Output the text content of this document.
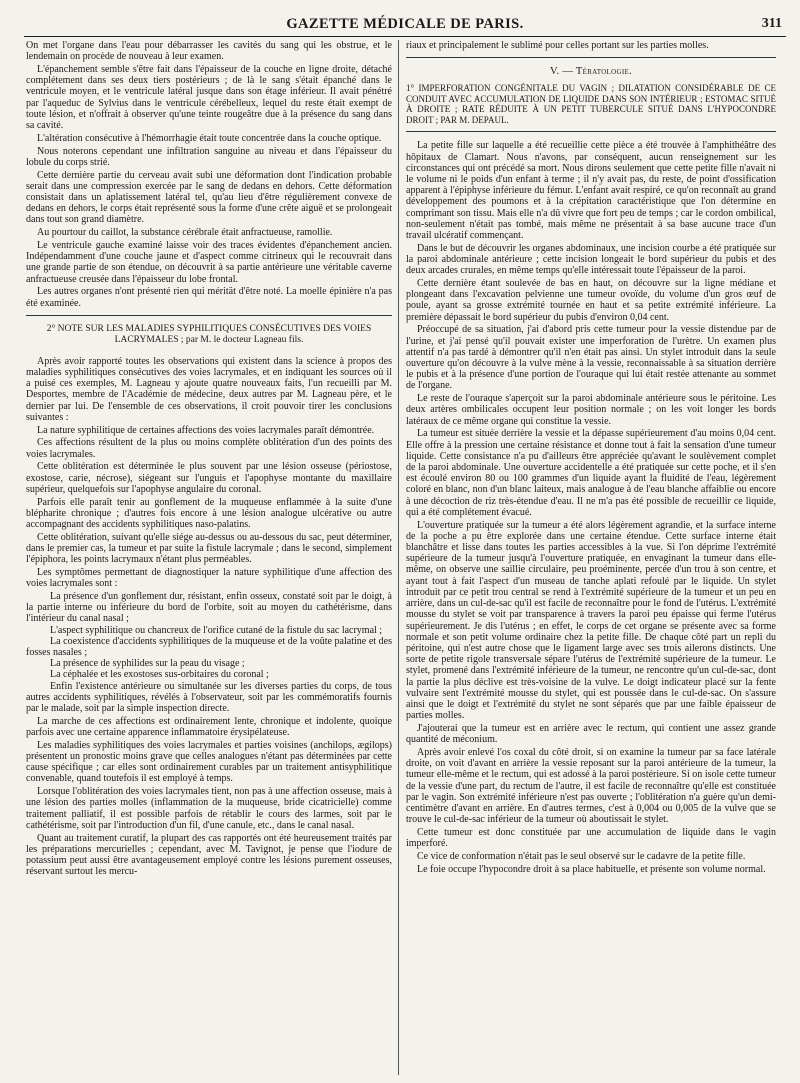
GAZETTE MÉDICALE DE PARIS.	311

On met l'organe dans l'eau pour débarrasser les cavités du sang qui les obstrue, et le lendemain on procède de nouveau à leur examen.

L'épanchement semble s'être fait dans l'épaisseur de la couche en ligne droite, détaché complétement dans ses deux tiers postérieurs ; de là le sang s'était épanché dans le ventricule moyen, et le ventricule latéral jusque dans son étage inférieur. Il avait pénétré par l'aqueduc de Sylvius dans le ventricule cérébelleux, lequel du reste était exempt de toute lésion, et n'offrait à observer qu'une teinte rougeâtre due à la présence du sang dans sa cavité.

L'altération consécutive à l'hémorrhagie était toute concentrée dans la couche optique.

Nous noterons cependant une infiltration sanguine au niveau et dans l'épaisseur du lobule du corps strié.

Cette dernière partie du cerveau avait subi une déformation dont l'indication probable serait dans une compression exercée par le sang de dedans en dehors. Cette déformation consistait dans un aplatissement latéral tel, qu'au lieu d'être régulièrement convexe de dedans en dehors, le corps était représenté sous la forme d'une crête aiguë et se prolongeait dans tout son grand diamètre.

Au pourtour du caillot, la substance cérébrale était anfractueuse, ramollie.

Le ventricule gauche examiné laisse voir des traces évidentes d'épanchement ancien. Indépendamment d'une couche jaune et d'aspect comme citrineux qui le recouvrait dans une grande partie de son étendue, on découvrit à sa partie antérieure une véritable caverne anfractueuse creusée dans l'épaisseur du lobe frontal.

Les autres organes n'ont présenté rien qui mérität d'être noté. La moelle épinière n'a pas été examinée.

2° NOTE SUR LES MALADIES SYPHILITIQUES CONSÉCUTIVES DES VOIES LACRYMALES ; par M. le docteur Lagneau fils.

Après avoir rapporté toutes les observations qui existent dans la science à propos des maladies syphilitiques consécutives des voies lacrymales, et en indiquant les sources où il a puisé ces exemples, M. Lagneau y ajoute quatre nouveaux faits, l'un recueilli par M. Desportes, membre de l'Académie de médecine, deux autres par M. Lagneau père, et le dernier par lui. De l'ensemble de ces observations, il croit pouvoir tirer les conclusions suivantes :

La nature syphilitique de certaines affections des voies lacrymales paraît démontrée.

Ces affections résultent de la plus ou moins complète oblitération d'un des points des voies lacrymales.

Cette oblitération est déterminée le plus souvent par une lésion osseuse (périostose, exostose, carie, nécrose), siégeant sur l'unguis et l'apophyse montante du maxillaire supérieur, quelquefois sur l'apophyse angulaire du coronal.

Parfois elle paraît tenir au gonflement de la muqueuse enflammée à la suite d'une blépharite chronique ; d'autres fois encore à une lésion analogue ulcérative ou autre accompagnant des accidents syphilitiques naso-palatins.

Cette oblitération, suivant qu'elle siége au-dessus ou au-dessous du sac, peut déterminer, dans le premier cas, la tumeur et par suite la fistule lacrymale ; dans le second, simplement l'épiphora, les points lacrymaux n'étant plus perméables.

Les symptômes permettant de diagnostiquer la nature syphilitique d'une affection des voies lacrymales sont :

La présence d'un gonflement dur, résistant, enfin osseux, constaté soit par le doigt, à la partie interne ou inférieure du bord de l'orbite, soit au moyen du cathétérisme, dans l'intérieur du canal nasal ;
L'aspect syphilitique ou chancreux de l'orifice cutané de la fistule du sac lacrymal ;
La coexistence d'accidents syphilitiques de la muqueuse et de la voûte palatine et des fosses nasales ;
La présence de syphilides sur la peau du visage ;
La céphalée et les exostoses sus-orbitaires du coronal ;
Enfin l'existence antérieure ou simultanée sur les diverses parties du corps, de tous autres accidents syphilitiques, révélés à l'observateur, soit par les commémoratifs fournis par le malade, soit par la simple inspection directe.

La marche de ces affections est ordinairement lente, chronique et indolente, quoique parfois avec une certaine apparence inflammatoire érysipélateuse.

Les maladies syphilitiques des voies lacrymales et parties voisines (anchilops, ægilops) présentent un pronostic moins grave que celles analogues n'étant pas déterminées par cette cause spécifique ; car elles sont ordinairement curables par un traitement antisyphilitique convenable, quand toutefois il est employé à temps.

Lorsque l'oblitération des voies lacrymales tient, non pas à une affection osseuse, mais à une lésion des parties molles (inflammation de la muqueuse, bride cicatricielle) comme traitement palliatif, il est possible parfois de rétablir le cours des larmes, soit par le cathétérisme, soit par l'introduction d'un fil, d'une canule, etc., dans le canal nasal.

Quant au traitement curatif, la plupart des cas rapportés ont été heureusement traités par les préparations mercurielles ; cependant, avec M. Tavignot, je pense que l'iodure de potassium peut aussi être avantageusement employé contre les lésions purement osseuses, réservant surtout les mercu-

riaux et principalement le sublimé pour celles portant sur les parties molles.

V. — Tératologie.
1° IMPERFORATION CONGÉNITALE DU VAGIN ; DILATATION CONSIDÉRABLE DE CE CONDUIT AVEC ACCUMULATION DE LIQUIDE DANS SON INTÉRIEUR ; ESTOMAC SITUÉ À DROITE ; RATE RÉDUITE À UN PETIT TUBERCULE SITUÉ DANS L'HYPOCONDRE DROIT ; PAR M. DEPAUL.

La petite fille sur laquelle a été recueillie cette pièce a été trouvée à l'amphithéâtre des hôpitaux de Clamart. Nous n'avons, par conséquent, aucun renseignement sur les circonstances qui ont précédé sa mort. Nous dirons seulement que cette petite fille n'avait ni le volume ni le poids d'un enfant à terme ; il n'y avait pas, du reste, de point d'ossification apparent à l'épiphyse inférieure du fémur. L'enfant avait respiré, ce qu'on reconnaît au grand développement des poumons et à la crépitation caractéristique que l'on détermine en comprimant son tissu. Mais elle n'a dû vivre que fort peu de temps ; car le cordon ombilical, non-seulement n'était pas tombé, mais même ne présentait à sa base aucune trace d'un travail ulcératif commençant.

Dans le but de découvrir les organes abdominaux, une incision courbe a été pratiquée sur la paroi abdominale antérieure ; cette incision longeait le bord supérieur du pubis et des deux arcades crurales, en même temps qu'elle intéressait toute l'épaisseur de la paroi.

Cette dernière étant soulevée de bas en haut, on découvre sur la ligne médiane et plongeant dans l'excavation pelvienne une tumeur ovoïde, du volume d'un gros œuf de poule, ayant sa grosse extrémité tournée en haut et sa petite extrémité inférieure. La première dépassait le bord supérieur du pubis d'environ 0,04 cent.

Préoccupé de sa situation, j'ai d'abord pris cette tumeur pour la vessie distendue par de l'urine, et j'ai pensé qu'il pouvait exister une imperforation de l'urètre. Un examen plus attentif n'a pas tardé à démontrer qu'il n'en était pas ainsi. Un stylet introduit dans la seule ouverture qu'on découvre à la vulve mène à la vessie, reconnaissable à sa situation derrière le pubis et à la présence d'une portion de l'ouraque qui lui était restée attenante au sommet de l'organe.

Le reste de l'ouraque s'aperçoit sur la paroi abdominale antérieure sous le péritoine. Les deux artères ombilicales occupent leur position normale ; on les voit longer les bords latéraux de ce même organe qui constitue la vessie.

La tumeur est située derrière la vessie et la dépasse supérieurement d'au moins 0,04 cent. Elle offre à la pression une certaine résistance et donne tout à fait la sensation d'une tumeur liquide. Cette consistance n'a pu d'ailleurs être appréciée qu'avant le soulèvement complet de la paroi abdominale. Une ouverture accidentelle a été pratiquée sur cette poche, et il s'en est écoulé environ 80 ou 100 grammes d'un liquide ayant la fluidité de l'eau, légèrement coloré en blanc, non d'un blanc laiteux, mais analogue à de l'eau blanche affaiblie ou encore à une décoction de riz très-étendue d'eau. Il ne m'a pas été possible de recueillir ce liquide, qui a été complétement évacué.

L'ouverture pratiquée sur la tumeur a été alors légèrement agrandie, et la surface interne de la poche a pu être explorée dans une certaine étendue. Cette surface interne était blanchâtre et lisse dans toutes les parties accessibles à la vue. Si l'on déprime l'extrémité supérieure de la tumeur jusqu'à l'ouverture pratiquée, en envaginant la tumeur dans elle-même, on observe une saillie circulaire, peu proéminente, percée d'un trou à son centre, et ayant tout à fait l'aspect d'un museau de tanche aplati refoulé par le liquide. Un stylet introduit par ce petit trou central se rend à l'extrémité supérieure de la tumeur et un peu en arrière, dans un cul-de-sac qu'il est facile de reconnaître pour le fond de l'utérus. L'extrémité mousse du stylet se voit par transparence à travers la paroi peu épaisse qui ferme l'utérus supérieurement. Je dis l'utérus ; en effet, le corps de cet organe se présente avec sa forme normale et son petit volume ordinaire chez la petite fille. De chaque côté part un repli du péritoine, qui n'est autre chose que le ligament large avec ses trois ailerons distincts. Une sorte de petite rigole transversale sépare l'utérus de l'extrémité supérieure de la tumeur. Le stylet, promené dans l'extrémité inférieure de la tumeur, ne rencontre qu'un cul-de-sac, dont la partie la plus déclive est très-voisine de la vulve. Le doigt indicateur placé sur la fente vulvaire sent l'extrémité mousse du stylet, qui est poussée dans le cul-de-sac. On s'assure ainsi que le doigt et l'extrémité du stylet ne sont séparés que par une faible épaisseur de parties molles.

J'ajouterai que la tumeur est en arrière avec le rectum, qui contient une assez grande quantité de méconium.

Après avoir enlevé l'os coxal du côté droit, si on examine la tumeur par sa face latérale droite, on voit d'avant en arrière la vessie reposant sur la paroi antérieure de la tumeur, la tumeur elle-même et le rectum, qui est adossé à la paroi postérieure. Si on isole cette tumeur de la vessie d'une part, du rectum de l'autre, il est facile de reconnaître qu'elle est constituée par le vagin. Son extrémité inférieure n'est pas ouverte ; l'oblitération n'a guère qu'un demi-centimètre d'avant en arrière. En d'autres termes, c'est à 0,004 ou 0,005 de la vulve que se trouve le cul-de-sac inférieur de la tumeur où aboutissait le stylet.

Cette tumeur est donc constituée par une accumulation de liquide dans le vagin imperforé.

Ce vice de conformation n'était pas le seul observé sur le cadavre de la petite fille.

Le foie occupe l'hypocondre droit à sa place habituelle, et présente son volume normal.
